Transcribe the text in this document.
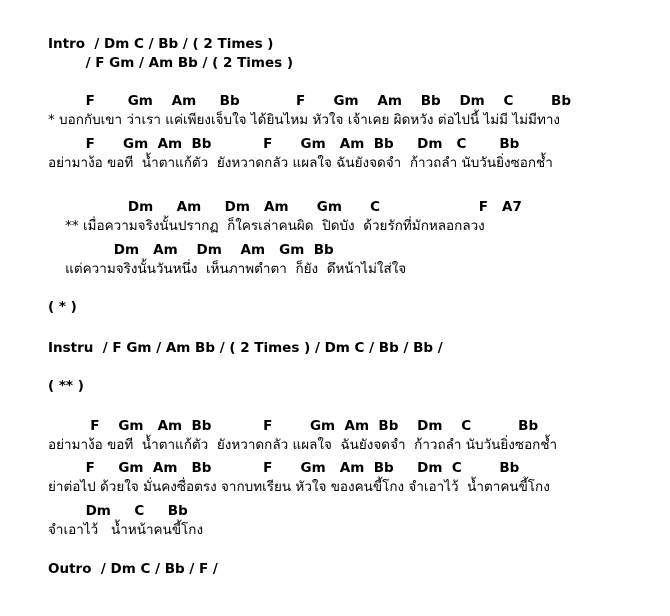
Intro  / Dm C / Bb / ( 2 Times )
/ F Gm / Am Bb / ( 2 Times )
F       Gm    Am     Bb            F      Gm    Am    Bb    Dm    C        Bb
* บอกกับเขา ว่าเรา แค่เพียงเจ็บใจ ได้ยินไหม หัวใจ เจ้าเคย ผิดหวัง ต่อไปนี้ ไม่มี ไม่มีทาง
F      Gm  Am  Bb           F      Gm   Am  Bb     Dm   C       Bb
อย่ามาง้อ ขอที  น้ำตาแก้ตัว  ยังหวาดกลัว แผลใจ ฉันยังจดจำ  ก้าวถลำ นับวันยิ่งซอกช้ำ
Dm     Am     Dm   Am      Gm      C                     F   A7
** เมื่อความจริงนั้นปรากฏ  ก็ใครเล่าคนผิด  ปิดบัง  ด้วยรักที่มักหลอกลวง
Dm   Am    Dm    Am   Gm  Bb
แต่ความจริงนั้นวันหนึ่ง  เห็นภาพตำตา  ก็ยัง  ดึหน้าไม่ใส่ใจ
( * )
Instru  / F Gm / Am Bb / ( 2 Times ) / Dm C / Bb / Bb /
( ** )
F    Gm   Am  Bb           F        Gm  Am  Bb    Dm    C          Bb
อย่ามาง้อ ขอที  น้ำตาแก้ตัว  ยังหวาดกลัว แผลใจ  ฉันยังจดจำ  ก้าวถลำ นับวันยิ่งซอกช้ำ
F     Gm  Am   Bb           F      Gm   Am  Bb     Dm  C        Bb
ย่าต่อไป ด้วยใจ มั่นคงซื่อตรง จากบทเรียน หัวใจ ของคนขี้โกง จำเอาไว้  น้ำตาคนขี้โกง
Dm     C     Bb
จำเอาไว้   น้ำหน้าคนขี้โกง
Outro  / Dm C / Bb / F /
